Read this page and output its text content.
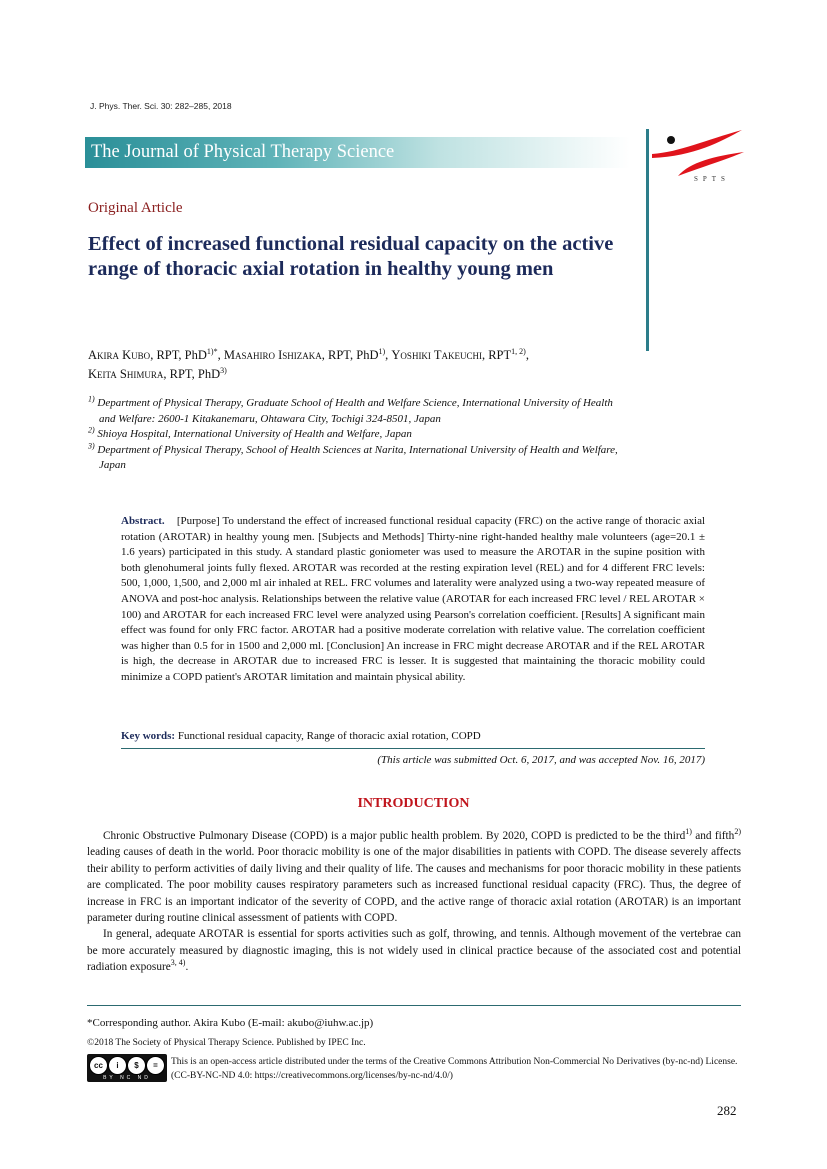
J. Phys. Ther. Sci. 30: 282–285, 2018
The Journal of Physical Therapy Science
SPTS
Original Article
Effect of increased functional residual capacity on the active range of thoracic axial rotation in healthy young men
Akira Kubo, RPT, PhD$^{1)*}$, Masahiro Ishizaka, RPT, PhD$^{1)}$, Yoshiki Takeuchi, RPT$^{1, 2)}$,
Keita Shimura, RPT, PhD$^{3)}$
$^{1)}$ Department of Physical Therapy, Graduate School of Health and Welfare Science, International University of Health and Welfare: 2600-1 Kitakanemaru, Ohtawara City, Tochigi 324-8501, Japan
$^{2)}$ Shioya Hospital, International University of Health and Welfare, Japan
$^{3)}$ Department of Physical Therapy, School of Health Sciences at Narita, International University of Health and Welfare, Japan
Abstract. [Purpose] To understand the effect of increased functional residual capacity (FRC) on the active range of thoracic axial rotation (AROTAR) in healthy young men. [Subjects and Methods] Thirty-nine right-handed healthy male volunteers (age=20.1 ± 1.6 years) participated in this study. A standard plastic goniometer was used to measure the AROTAR in the supine position with both glenohumeral joints fully flexed. AROTAR was recorded at the resting expiration level (REL) and for 4 different FRC levels: 500, 1,000, 1,500, and 2,000 ml air inhaled at REL. FRC volumes and laterality were analyzed using a two-way repeated measure of ANOVA and post-hoc analysis. Relationships between the relative value (AROTAR for each increased FRC level / REL AROTAR × 100) and AROTAR for each increased FRC level were analyzed using Pearson's correlation coefficient. [Results] A significant main effect was found for only FRC factor. AROTAR had a positive moderate correlation with relative value. The correlation coefficient was higher than 0.5 for in 1500 and 2,000 ml. [Conclusion] An increase in FRC might decrease AROTAR and if the REL AROTAR is high, the decrease in AROTAR due to increased FRC is lesser. It is suggested that maintaining the thoracic mobility could minimize a COPD patient's AROTAR limitation and maintain physical ability.
Key words: Functional residual capacity, Range of thoracic axial rotation, COPD
(This article was submitted Oct. 6, 2017, and was accepted Nov. 16, 2017)
INTRODUCTION

Chronic Obstructive Pulmonary Disease (COPD) is a major public health problem. By 2020, COPD is predicted to be the third$^{1)}$ and fifth$^{2)}$ leading causes of death in the world. Poor thoracic mobility is one of the major disabilities in patients with COPD. The disease severely affects their ability to perform activities of daily living and their quality of life. The causes and mechanisms for poor thoracic mobility in these patients are complicated. The poor mobility causes respiratory parameters such as increased functional residual capacity (FRC). Thus, the degree of increase in FRC is an important indicator of the severity of COPD, and the active range of thoracic axial rotation (AROTAR) is an important parameter during routine clinical assessment of patients with COPD.

In general, adequate AROTAR is essential for sports activities such as golf, throwing, and tennis. Although movement of the vertebrae can be more accurately measured by diagnostic imaging, this is not widely used in clinical practice because of the associated cost and potential radiation exposure$^{3, 4)}$.

*Corresponding author. Akira Kubo (E-mail: akubo@iuhw.ac.jp)
©2018 The Society of Physical Therapy Science. Published by IPEC Inc.
cc	i	$	=
BY NC ND
This is an open-access article distributed under the terms of the Creative Commons Attribution Non-Commercial No Derivatives (by-nc-nd) License. (CC-BY-NC-ND 4.0: https://creativecommons.org/licenses/by-nc-nd/4.0/)
282
